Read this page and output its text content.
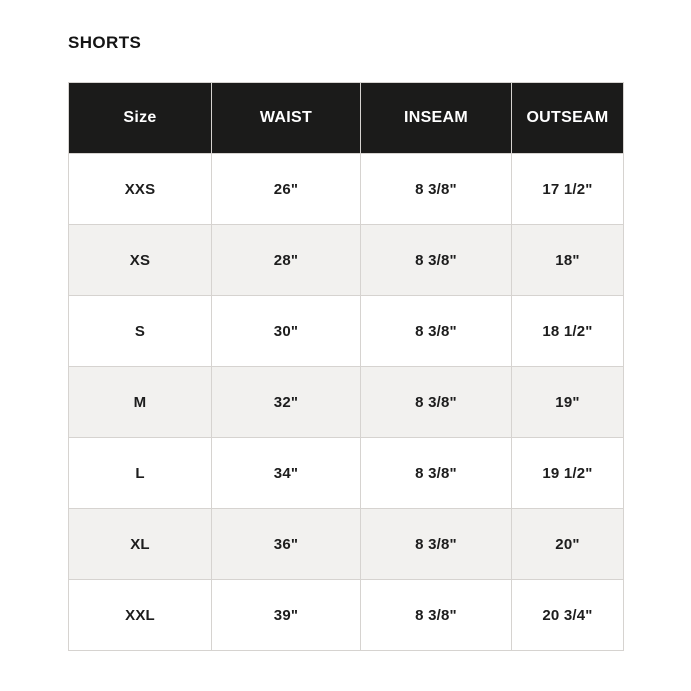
SHORTS
Size	WAIST	INSEAM	OUTSEAM
XXS	26"	8 3/8"	17 1/2"
XS	28"	8 3/8"	18"
S	30"	8 3/8"	18 1/2"
M	32"	8 3/8"	19"
L	34"	8 3/8"	19 1/2"
XL	36"	8 3/8"	20"
XXL	39"	8 3/8"	20 3/4"
